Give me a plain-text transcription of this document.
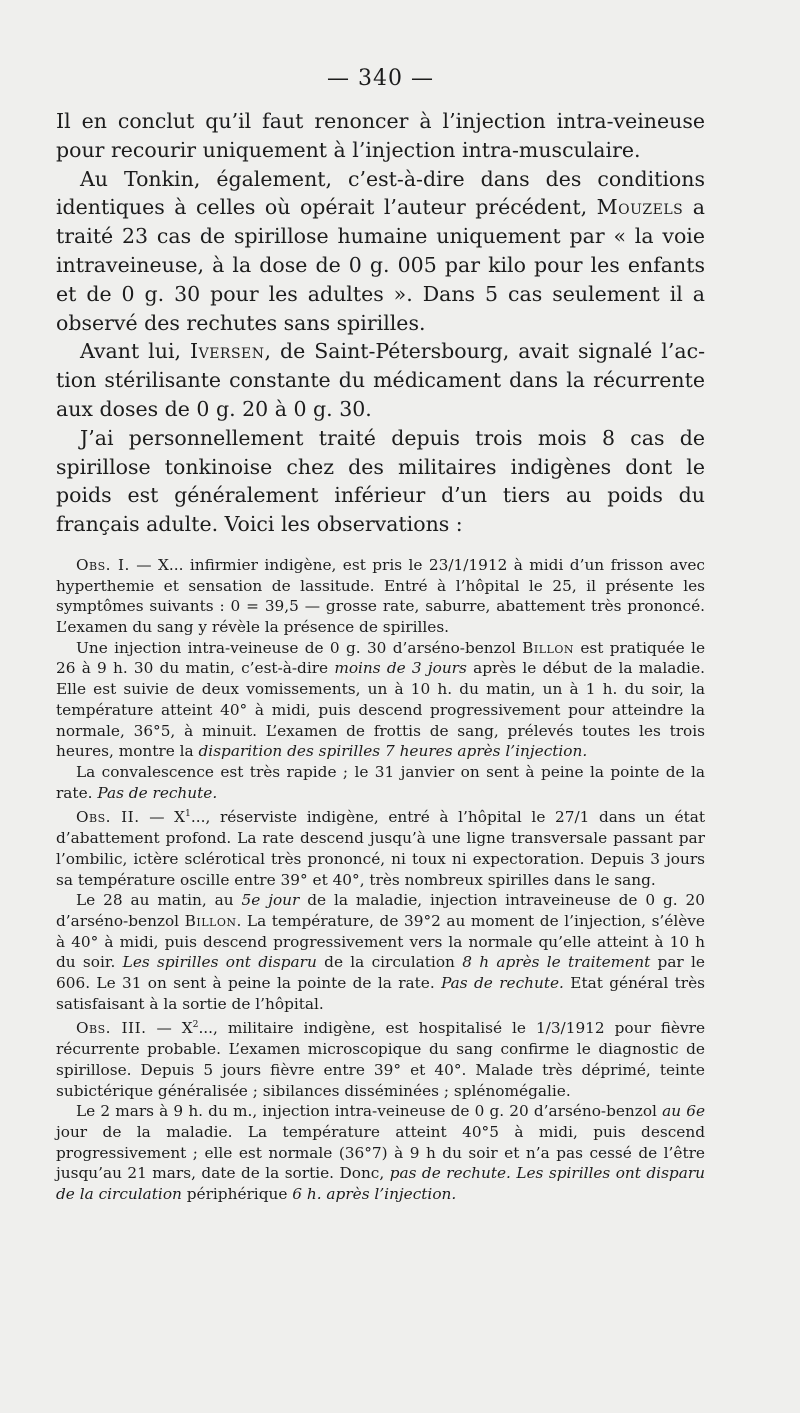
— 340 —

Il en conclut qu’il faut renoncer à l’injection intra-veineuse pour recourir uniquement à l’injection intra-musculaire.

Au Tonkin, également, c’est-à-dire dans des conditions identiques à celles où opérait l’auteur précédent, Mouzels a traité 23 cas de spirillose humaine uniquement par « la voie intraveineuse, à la dose de 0 g. 005 par kilo pour les enfants et de 0 g. 30 pour les adultes ». Dans 5 cas seulement il a observé des rechutes sans spirilles.

Avant lui, Iversen, de Saint-Pétersbourg, avait signalé l’action stérilisante constante du médicament dans la récurrente aux doses de 0 g. 20 à 0 g. 30.

J’ai personnellement traité depuis trois mois 8 cas de spirillose tonkinoise chez des militaires indigènes dont le poids est généralement inférieur d’un tiers au poids du français adulte. Voici les observations :

Obs. I. — X... infirmier indigène, est pris le 23/1/1912 à midi d’un frisson avec hyperthemie et sensation de lassitude. Entré à l’hôpital le 25, il présente les symptômes suivants : 0 = 39,5 — grosse rate, saburre, abattement très prononcé. L’examen du sang y révèle la présence de spirilles.

Une injection intra-veineuse de 0 g. 30 d’arséno-benzol Billon est pratiquée le 26 à 9 h. 30 du matin, c’est-à-dire moins de 3 jours après le début de la maladie. Elle est suivie de deux vomissements, un à 10 h. du matin, un à 1 h. du soir, la température atteint 40° à midi, puis descend progressivement pour atteindre la normale, 36°5, à minuit. L’examen de frottis de sang, prélevés toutes les trois heures, montre la disparition des spirilles 7 heures après l’injection.

La convalescence est très rapide ; le 31 janvier on sent à peine la pointe de la rate. Pas de rechute.

Obs. II. — $X^1$..., réserviste indigène, entré à l’hôpital le 27/1 dans un état d’abattement profond. La rate descend jusqu’à une ligne transversale passant par l’ombilic, ictère sclérotical très prononcé, ni toux ni expectoration. Depuis 3 jours sa température oscille entre 39° et 40°, très nombreux spirilles dans le sang.

Le 28 au matin, au 5e jour de la maladie, injection intraveineuse de 0 g. 20 d’arséno-benzol Billon. La température, de 39°2 au moment de l’injection, s’élève à 40° à midi, puis descend progressivement vers la normale qu’elle atteint à 10 h du soir. Les spirilles ont disparu de la circulation 8 h après le traitement par le 606. Le 31 on sent à peine la pointe de la rate. Pas de rechute. Etat général très satisfaisant à la sortie de l’hôpital.

Obs. III. — $X^2$..., militaire indigène, est hospitalisé le 1/3/1912 pour fièvre récurrente probable. L’examen microscopique du sang confirme le diagnostic de spirillose. Depuis 5 jours fièvre entre 39° et 40°. Malade très déprimé, teinte subictérique généralisée ; sibilances disséminées ; splénomégalie.

Le 2 mars à 9 h. du m., injection intra-veineuse de 0 g. 20 d’arséno-benzol au 6e jour de la maladie. La température atteint 40°5 à midi, puis descend progressivement ; elle est normale (36°7) à 9 h du soir et n’a pas cessé de l’être jusqu’au 21 mars, date de la sortie. Donc, pas de rechute. Les spirilles ont disparu de la circulation périphérique 6 h. après l’injection.
